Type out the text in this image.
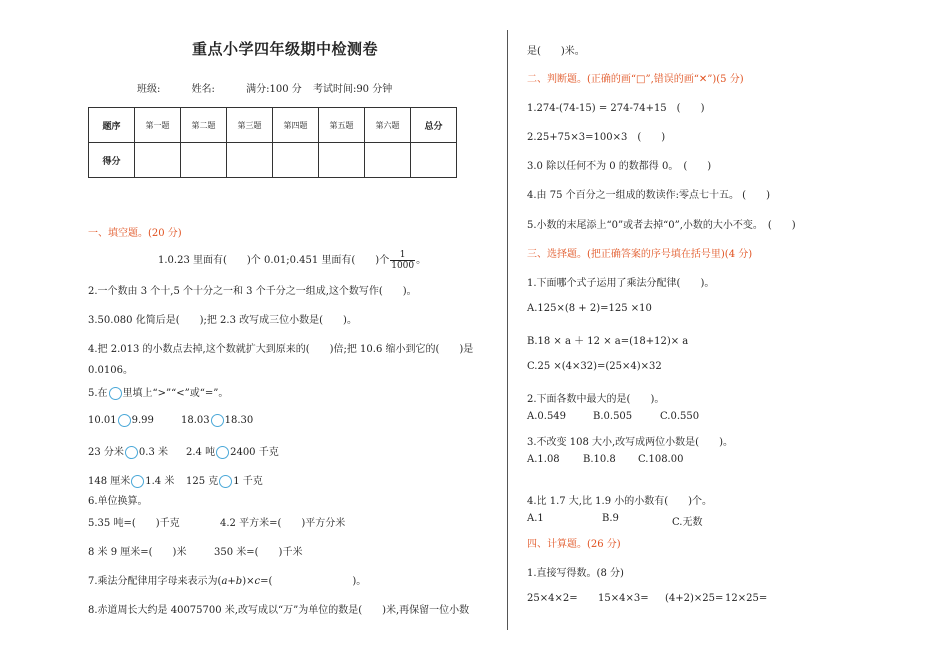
重点小学四年级期中检测卷
班级:	姓名:	满分:100 分 考试时间:90 分钟
题序	第一题	第二题	第三题	第四题	第五题	第六题	总分
得分							
一、填空题。(20 分)
1.0.23 里面有(　　)个 0.01;0.451 里面有(　　)个 $\frac{1}{1000}$ 。
2.一个数由 3 个十,5 个十分之一和 3 个千分之一组成,这个数写作(　　)。
3.50.080 化简后是(　　);把 2.3 改写成三位小数是(　　)。
4.把 2.013 的小数点去掉,这个数就扩大到原来的(　　)倍;把 10.6 缩小到它的(　　)是
0.0106。
5.在 里填上“>”“<”或“=”。
10.01 9.99	18.03 18.30
23 分米 0.3 米 2.4 吨 2400 千克
148 厘米 1.4 米 125 克 1 千克
6.单位换算。
5.35 吨=(　　)千克	4.2 平方米=(　　)平方分米
8 米 9 厘米=(　　)米	350 米=(　　)千米
7.乘法分配律用字母来表示为(a+b)×c=(　　　　　　　　)。
8.赤道周长大约是 40075700 米,改写成以“万”为单位的数是(　　)米,再保留一位小数
是(　　)米。
二、判断题。(正确的画“□”,错误的画“✕”)(5 分)
1.274-(74-15) = 274-74+15　(　　)
2.25+75×3=100×3　(　　)
3.0 除以任何不为 0 的数都得 0。　(　　)
4.由 75 个百分之一组成的数读作:零点七十五。 (　　)
5.小数的末尾添上“0”或者去掉“0”,小数的大小不变。　(　　)
三、选择题。(把正确答案的序号填在括号里)(4 分)
1.下面哪个式子运用了乘法分配律(　　)。
A.125×(8 + 2)=125 ×10
B.18 × a ＋ 12 × a=(18+12)× a
C.25 ×(4×32)=(25×4)×32
2.下面各数中最大的是(　　)。
A.0.549	B.0.505	C.0.550
3.不改变 108 大小,改写成两位小数是(　　)。
A.1.08 B.10.8 C.108.00
4.比 1.7 大,比 1.9 小的小数有(　　)个。
A.1	B.9	C.无数
四、计算题。(26 分)
1.直接写得数。(8 分)
25×4×2= 15×4×3= (4+2)×25= 12×25=
